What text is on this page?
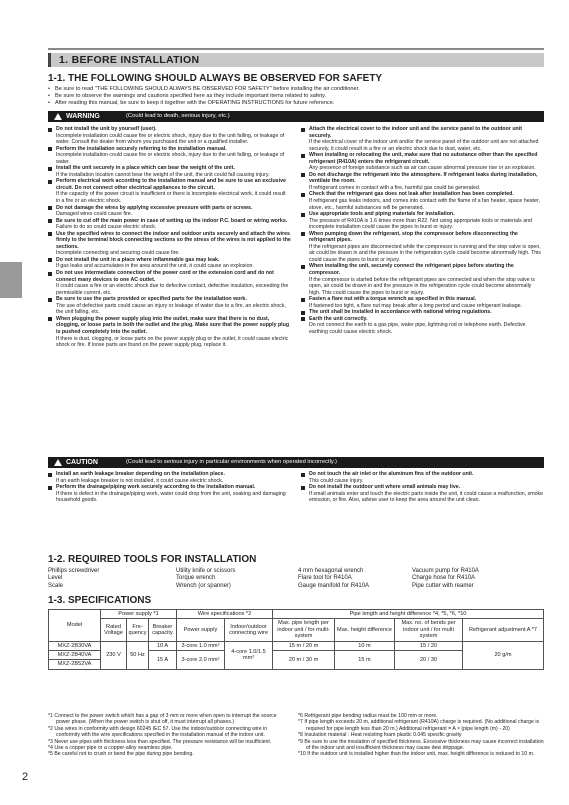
1. BEFORE INSTALLATION
1-1. THE FOLLOWING SHOULD ALWAYS BE OBSERVED FOR SAFETY
• Be sure to read "THE FOLLOWING SHOULD ALWAYS BE OBSERVED FOR SAFETY" before installing the air conditioner.
• Be sure to observe the warnings and cautions specified here as they include important items related to safety.
• After reading this manual, be sure to keep it together with the OPERATING INSTRUCTIONS for future reference.
WARNING	(Could lead to death, serious injury, etc.)
Do not install the unit by yourself (user).
Incomplete installation could cause fire or electric shock, injury due to the unit falling, or leakage of water. Consult the dealer from whom you purchased the unit or a qualified installer.
Perform the installation securely referring to the installation manual.
Incomplete installation could cause fire or electric shock, injury due to the unit falling, or leakage of water.
Install the unit securely in a place which can bear the weight of the unit.
If the installation location cannot bear the weight of the unit, the unit could fall causing injury.
Perform electrical work according to the installation manual and be sure to use an exclusive circuit. Do not connect other electrical appliances to the circuit.
If the capacity of the power circuit is insufficient or there is incomplete electrical work, it could result in a fire or an electric shock.
Do not damage the wires by applying excessive pressure with parts or screws.
Damaged wires could cause fire.
Be sure to cut off the main power in case of setting up the indoor P.C. board or wiring works.
Failure to do so could cause electric shock.
Use the specified wires to connect the indoor and outdoor units securely and attach the wires firmly to the terminal block connecting sections so the stress of the wires is not applied to the sections.
Incomplete connecting and securing could cause fire.
Do not install the unit in a place where inflammable gas may leak.
If gas leaks and accumulates in the area around the unit, it could cause an explosion.
Do not use intermediate connection of the power cord or the extension cord and do not connect many devices to one AC outlet.
It could cause a fire or an electric shock due to defective contact, defective insulation, exceeding the permissible current, etc.
Be sure to use the parts provided or specified parts for the installation work.
The use of defective parts could cause an injury or leakage of water due to a fire, an electric shock, the unit falling, etc.
When plugging the power supply plug into the outlet, make sure that there is no dust, clogging, or loose parts in both the outlet and the plug. Make sure that the power supply plug is pushed completely into the outlet.
If there is dust, clogging, or loose parts on the power supply plug or the outlet, it could cause electric shock or fire. If loose parts are found on the power supply plug, replace it.
Attach the electrical cover to the indoor unit and the service panel to the outdoor unit securely.
If the electrical cover of the indoor unit and/or the service panel of the outdoor unit are not attached securely, it could result in a fire or an electric shock due to dust, water, etc.
When installing or relocating the unit, make sure that no substance other than the specified refrigerant (R410A) enters the refrigerant circuit.
Any presence of foreign substance such as air can cause abnormal pressure rise or an explosion.
Do not discharge the refrigerant into the atmosphere. If refrigerant leaks during installation, ventilate the room.
If refrigerant comes in contact with a fire, harmful gas could be generated.
Check that the refrigerant gas does not leak after installation has been completed.
If refrigerant gas leaks indoors, and comes into contact with the flame of a fan heater, space heater, stove, etc., harmful substances will be generated.
Use appropriate tools and piping materials for installation.
The pressure of R410A is 1.6 times more than R22. Not using appropriate tools or materials and incomplete installation could cause the pipes to burst or injury.
When pumping down the refrigerant, stop the compressor before disconnecting the refrigerant pipes.
If the refrigerant pipes are disconnected while the compressor is running and the stop valve is open, air could be drawn in and the pressure in the refrigeration cycle could become abnormally high. This could cause the pipes to burst or injury.
When installing the unit, securely connect the refrigerant pipes before starting the compressor.
If the compressor is started before the refrigerant pipes are connected and when the stop valve is open, air could be drawn in and the pressure in the refrigeration cycle could become abnormally high. This could cause the pipes to burst or injury.
Fasten a flare nut with a torque wrench as specified in this manual.
If fastened too tight, a flare nut may break after a long period and cause refrigerant leakage.
The unit shall be installed in accordance with national wiring regulations.
Earth the unit correctly.
Do not connect the earth to a gas pipe, water pipe, lightning rod or telephone earth. Defective earthing could cause electric shock.
CAUTION	(Could lead to serious injury in particular environments when operated incorrectly.)
Install an earth leakage breaker depending on the installation place.
If an earth leakage breaker is not installed, it could cause electric shock.
Perform the drainage/piping work securely according to the installation manual.
If there is defect in the drainage/piping work, water could drop from the unit, soaking and damaging household goods.
Do not touch the air inlet or the aluminum fins of the outdoor unit.
This could cause injury.
Do not install the outdoor unit where small animals may live.
If small animals enter and touch the electric parts inside the unit, it could cause a malfunction, smoke emission, or fire. Also, advise user to keep the area around the unit clean.
1-2. REQUIRED TOOLS FOR INSTALLATION
Phillips screwdriver
Level
Scale
Utility knife or scissors
Torque wrench
Wrench (or spanner)
4 mm hexagonal wrench
Flare tool for R410A
Gauge manifold for R410A
Vacuum pump for R410A
Charge hose for R410A
Pipe cutter with reamer
1-3. SPECIFICATIONS
Model	Power supply *1			Wire specifications *2		Pipe length and height difference *4, *5, *6, *10			
	Rated Voltage	Fre- quency	Breaker capacity	Power supply	Indoor/outdoor connecting wire	Max. pipe length per indoor unit / for multi-system	Max. height difference	Max. no. of bends per indoor unit / for multi system	Refrigerant adjustment A *7
MXZ-2B30VA	230 V	50 Hz	10 A	3-core 1.0 mm²	4-core 1.0/1.5 mm²	15 m / 20 m	10 m	15 / 20	20 g/m
MXZ-2B40VA			15 A	3-core 2.0 mm²		20 m / 30 m	15 m	20 / 30	
MXZ-2B52VA									
*1 Connect to the power switch which has a gap of 3 mm or more when open to interrupt the source power phase. (When the power switch is shut off, it must interrupt all phases.)
*2 Use wires in conformity with design 60245 IEC 57. Use the indoor/outdoor connecting wire in conformity with the wire specifications specified in the installation manual of the indoor unit.
*3 Never use pipes with thickness less than specified. The pressure resistance will be insufficient.
*4 Use a copper pipe or a copper-alloy seamless pipe.
*5 Be careful not to crush or bend the pipe during pipe bending.
*6 Refrigerant pipe bending radius must be 100 mm or more.
*7 If pipe length exceeds 20 m, additional refrigerant (R410A) charge is required. (No additional charge is required for pipe length less than 20 m.) Additional refrigerant = A × (pipe length (m) - 20)
*8 Insulation material : Heat resisting foam plastic 0.045 specific gravity
*9 Be sure to use the insulation of specified thickness. Excessive thickness may cause incorrect installation of the indoor unit and insufficient thickness may cause dew drippage.
*10 If the outdoor unit is installed higher than the indoor unit, max. height difference is reduced to 10 m.
2
